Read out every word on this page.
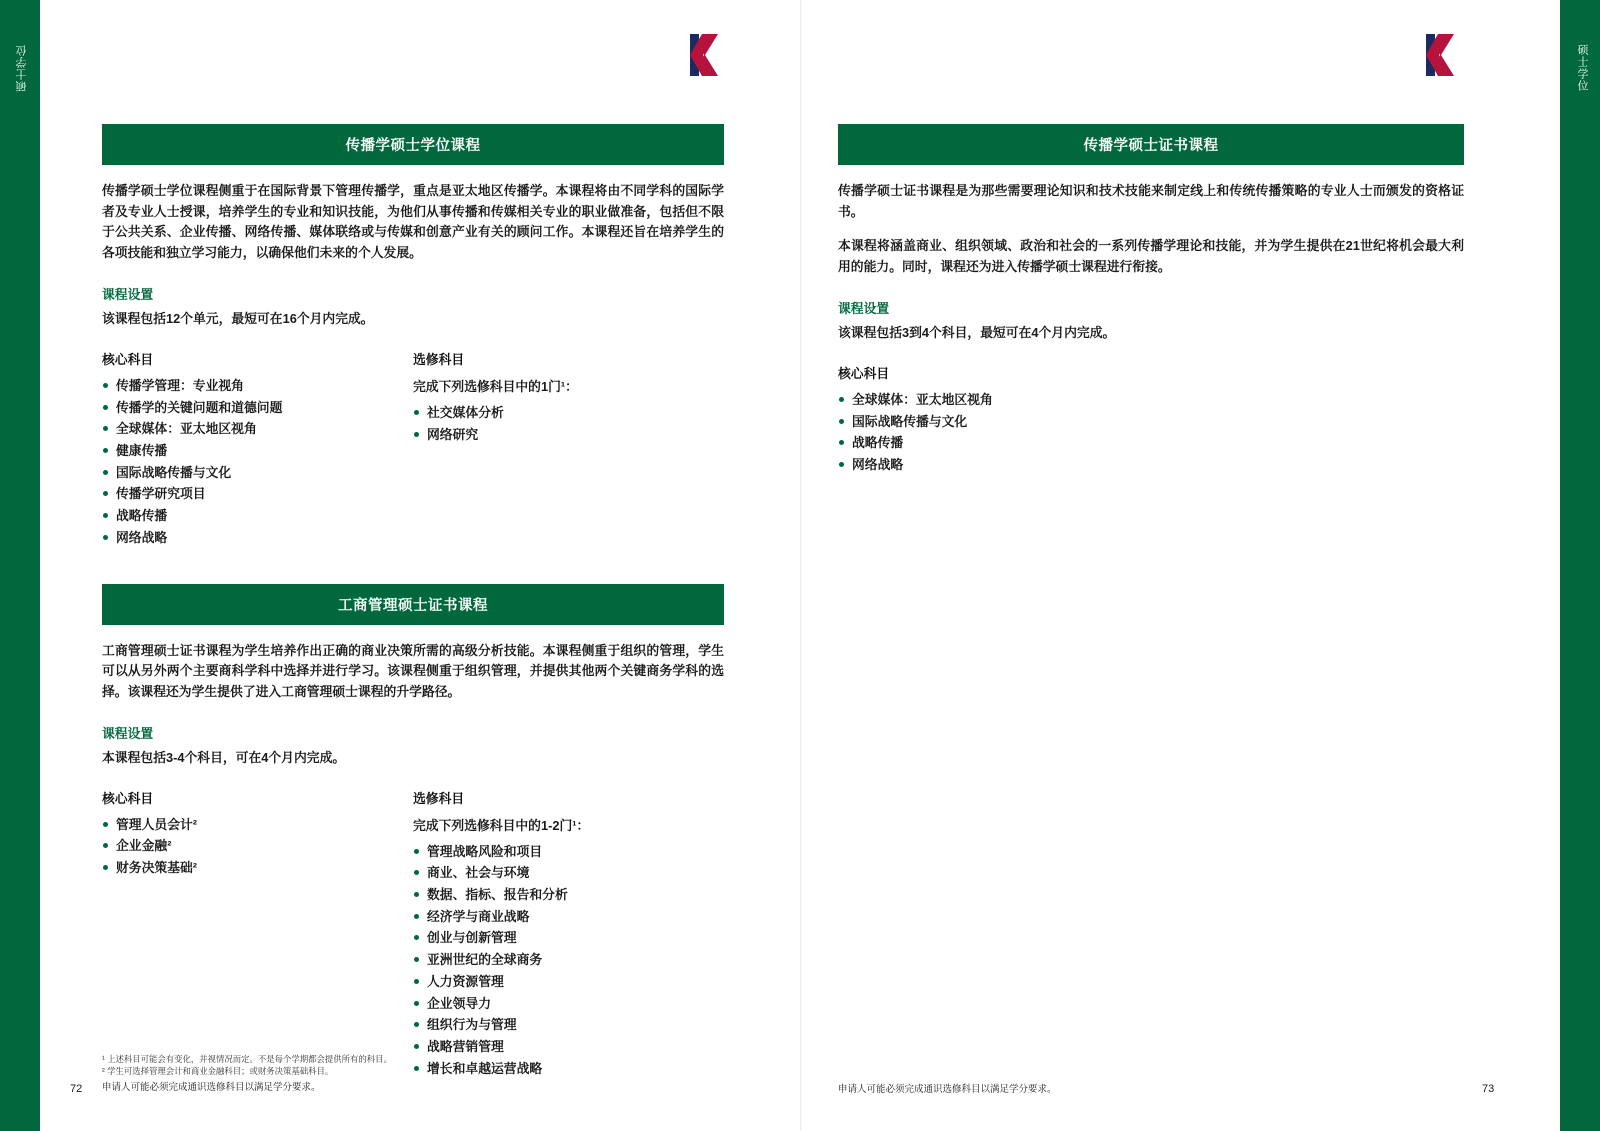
硕士学位	硕士学位
传播学硕士学位课程
传播学硕士学位课程侧重于在国际背景下管理传播学，重点是亚太地区传播学。本课程将由不同学科的国际学者及专业人士授课，培养学生的专业和知识技能，为他们从事传播和传媒相关专业的职业做准备，包括但不限于公共关系、企业传播、网络传播、媒体联络或与传媒和创意产业有关的顾问工作。本课程还旨在培养学生的各项技能和独立学习能力，以确保他们未来的个人发展。
课程设置
该课程包括12个单元，最短可在16个月内完成。
核心科目
传播学管理：专业视角
传播学的关键问题和道德问题
全球媒体：亚太地区视角
健康传播
国际战略传播与文化
传播学研究项目
战略传播
网络战略
选修科目
完成下列选修科目中的1门¹：
社交媒体分析
网络研究
工商管理硕士证书课程
工商管理硕士证书课程为学生培养作出正确的商业决策所需的高级分析技能。本课程侧重于组织的管理，学生可以从另外两个主要商科学科中选择并进行学习。该课程侧重于组织管理，并提供其他两个关键商务学科的选择。该课程还为学生提供了进入工商管理硕士课程的升学路径。
课程设置
本课程包括3-4个科目，可在4个月内完成。
核心科目
管理人员会计²
企业金融²
财务决策基础²
选修科目
完成下列选修科目中的1-2门¹：
管理战略风险和项目
商业、社会与环境
数据、指标、报告和分析
经济学与商业战略
创业与创新管理
亚洲世纪的全球商务
人力资源管理
企业领导力
组织行为与管理
战略营销管理
增长和卓越运营战略
传播学硕士证书课程
传播学硕士证书课程是为那些需要理论知识和技术技能来制定线上和传统传播策略的专业人士而颁发的资格证书。
本课程将涵盖商业、组织领域、政治和社会的一系列传播学理论和技能，并为学生提供在21世纪将机会最大利用的能力。同时，课程还为进入传播学硕士课程进行衔接。
课程设置
该课程包括3到4个科目，最短可在4个月内完成。
核心科目
全球媒体：亚太地区视角
国际战略传播与文化
战略传播
网络战略
¹ 上述科目可能会有变化，并视情况而定。不是每个学期都会提供所有的科目。
² 学生可选择管理会计和商业金融科目；或财务决策基础科目。
申请人可能必须完成通识选修科目以满足学分要求。	申请人可能必须完成通识选修科目以满足学分要求。
72	73
